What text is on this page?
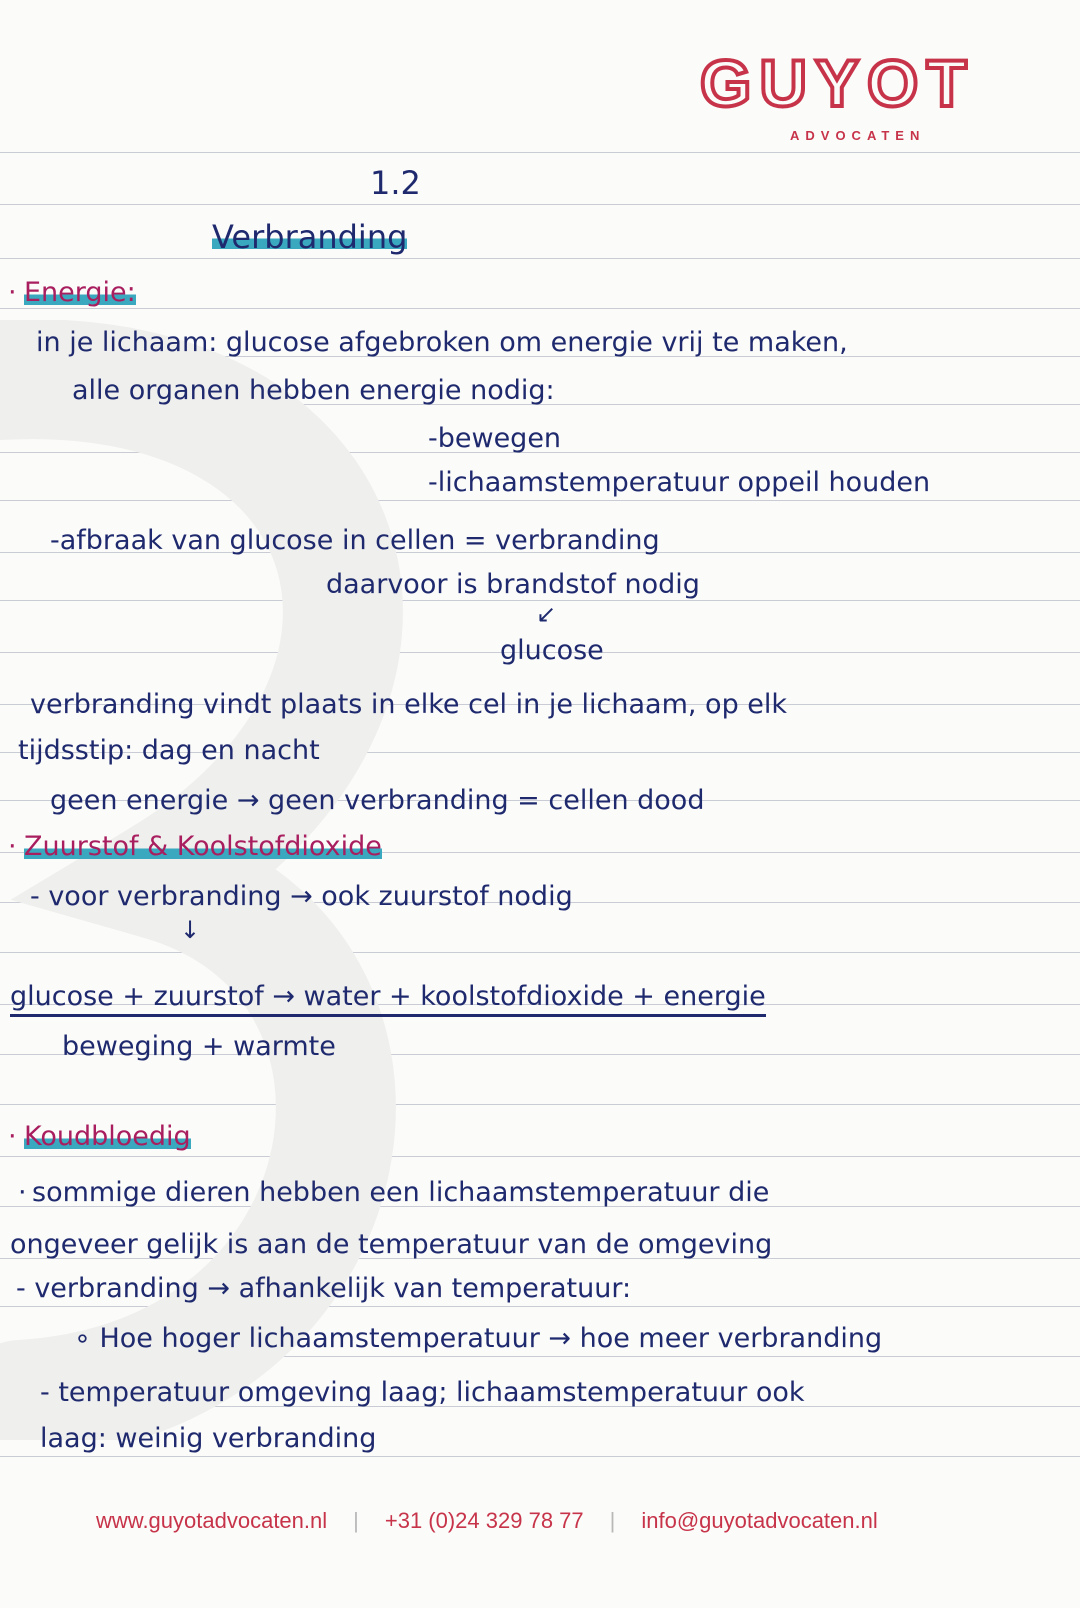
GUYOT
ADVOCATEN
1.2
Verbranding
· Energie:
in je lichaam: glucose afgebroken om energie vrij te maken,
alle organen hebben energie nodig:
-bewegen
-lichaamstemperatuur oppeil houden
-afbraak van glucose in cellen = verbranding
daarvoor is brandstof nodig
↙
glucose
verbranding vindt plaats in elke cel in je lichaam, op elk
tijdsstip: dag en nacht
geen energie → geen verbranding = cellen dood
· Zuurstof & Koolstofdioxide
- voor verbranding → ook zuurstof nodig
↓
glucose + zuurstof → water + koolstofdioxide + energie
beweging + warmte
· Koudbloedig
· sommige dieren hebben een lichaamstemperatuur die
ongeveer gelijk is aan de temperatuur van de omgeving
- verbranding → afhankelijk van temperatuur:
∘ Hoe hoger lichaamstemperatuur → hoe meer verbranding
- temperatuur omgeving laag; lichaamstemperatuur ook
laag: weinig verbranding
www.guyotadvocaten.nl | +31 (0)24 329 78 77 | info@guyotadvocaten.nl
